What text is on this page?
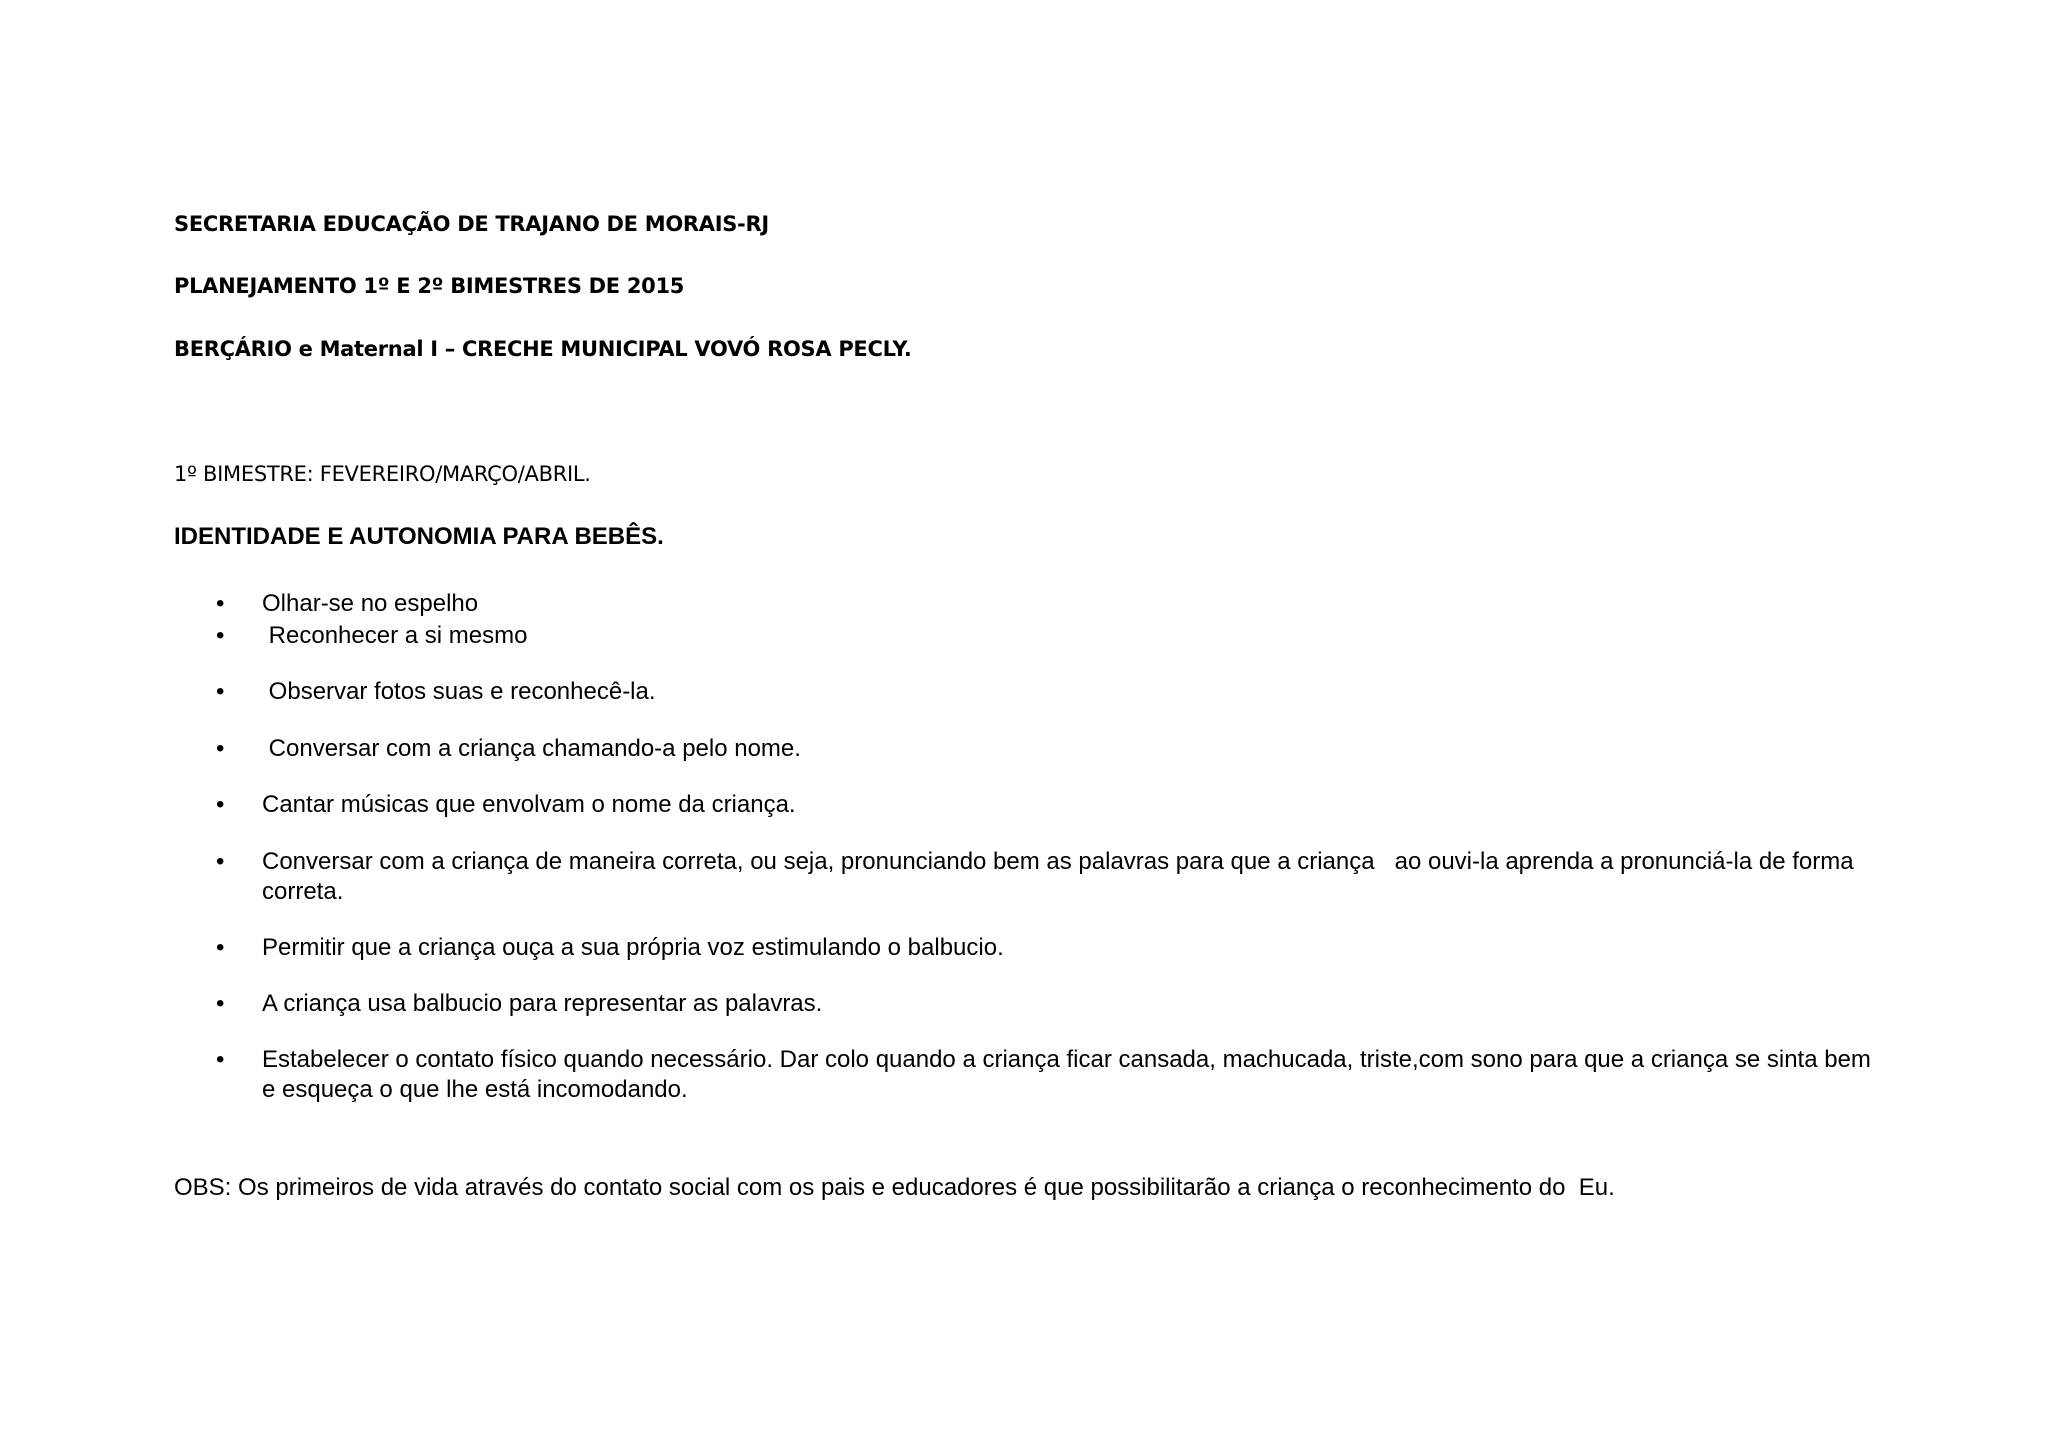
SECRETARIA EDUCAÇÃO DE TRAJANO DE MORAIS-RJ

PLANEJAMENTO 1º E 2º BIMESTRES DE 2015

BERÇÁRIO e Maternal I – CRECHE MUNICIPAL VOVÓ ROSA PECLY.

1º BIMESTRE: FEVEREIRO/MARÇO/ABRIL.

IDENTIDADE E AUTONOMIA PARA BEBÊS.

• Olhar-se no espelho
• Reconhecer a si mesmo
• Observar fotos suas e reconhecê-la.
• Conversar com a criança chamando-a pelo nome.
• Cantar músicas que envolvam o nome da criança.
• Conversar com a criança de maneira correta, ou seja, pronunciando bem as palavras para que a criança   ao ouvi-la aprenda a pronunciá-la de forma correta.
• Permitir que a criança ouça a sua própria voz estimulando o balbucio.
• A criança usa balbucio para representar as palavras.
• Estabelecer o contato físico quando necessário. Dar colo quando a criança ficar cansada, machucada, triste,com sono para que a criança se sinta bem  e esqueça o que lhe está incomodando.

OBS: Os primeiros de vida através do contato social com os pais e educadores é que possibilitarão a criança o reconhecimento do  Eu.
